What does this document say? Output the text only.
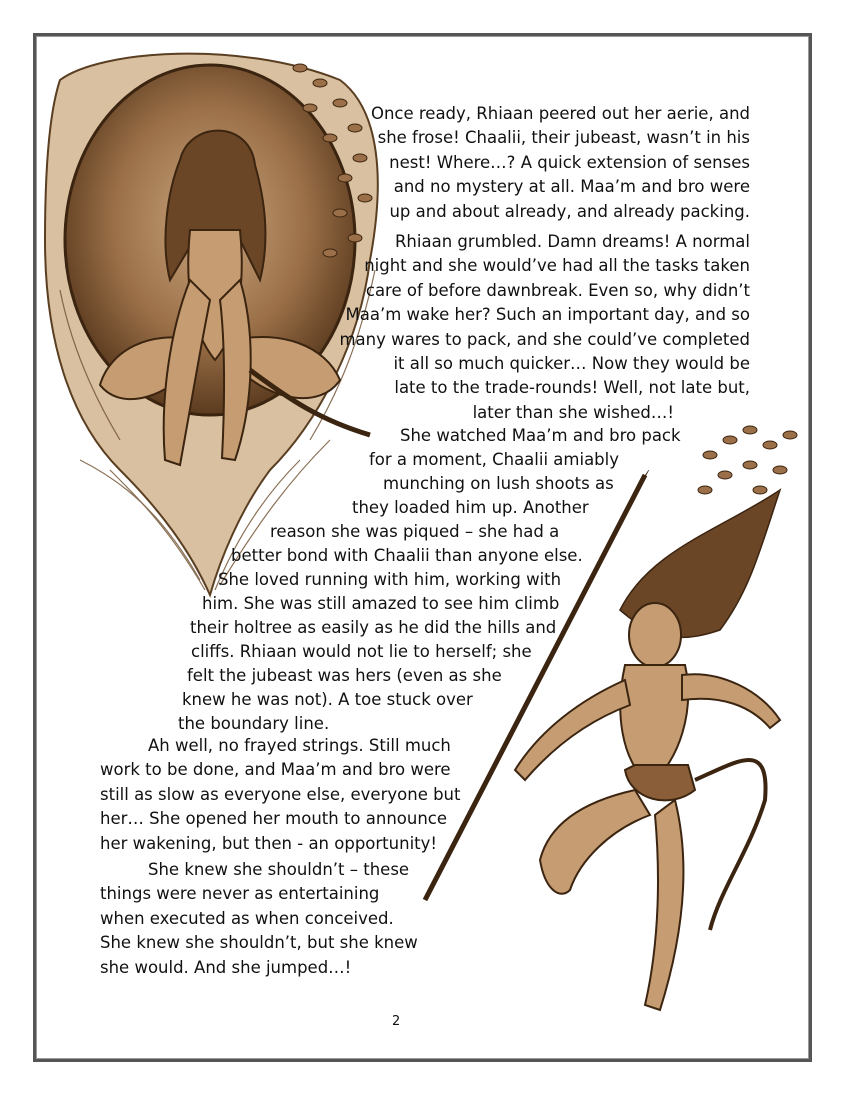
Once ready, Rhiaan peered out her aerie, and
she frose! Chaalii, their jubeast, wasn’t in his
nest! Where…? A quick extension of senses
and no mystery at all. Maa’m and bro were
up and about already, and already packing.

Rhiaan grumbled. Damn dreams! A normal
night and she would’ve had all the tasks taken
care of before dawnbreak. Even so, why didn’t
Maa’m wake her? Such an important day, and so
many wares to pack, and she could’ve completed
it all so much quicker… Now they would be
late to the trade-rounds! Well, not late but,
later than she wished…!

She watched Maa’m and bro pack
for a moment, Chaalii amiably
munching on lush shoots as
they loaded him up. Another
reason she was piqued – she had a
better bond with Chaalii than anyone else.
She loved running with him, working with
him. She was still amazed to see him climb
their holtree as easily as he did the hills and
cliffs. Rhiaan would not lie to herself; she
felt the jubeast was hers (even as she
knew he was not). A toe stuck over
the boundary line.

Ah well, no frayed strings. Still much
work to be done, and Maa’m and bro were
still as slow as everyone else, everyone but
her… She opened her mouth to announce
her wakening, but then - an opportunity!

She knew she shouldn’t – these
things were never as entertaining
when executed as when conceived.
She knew she shouldn’t, but she knew
she would. And she jumped…!

2
